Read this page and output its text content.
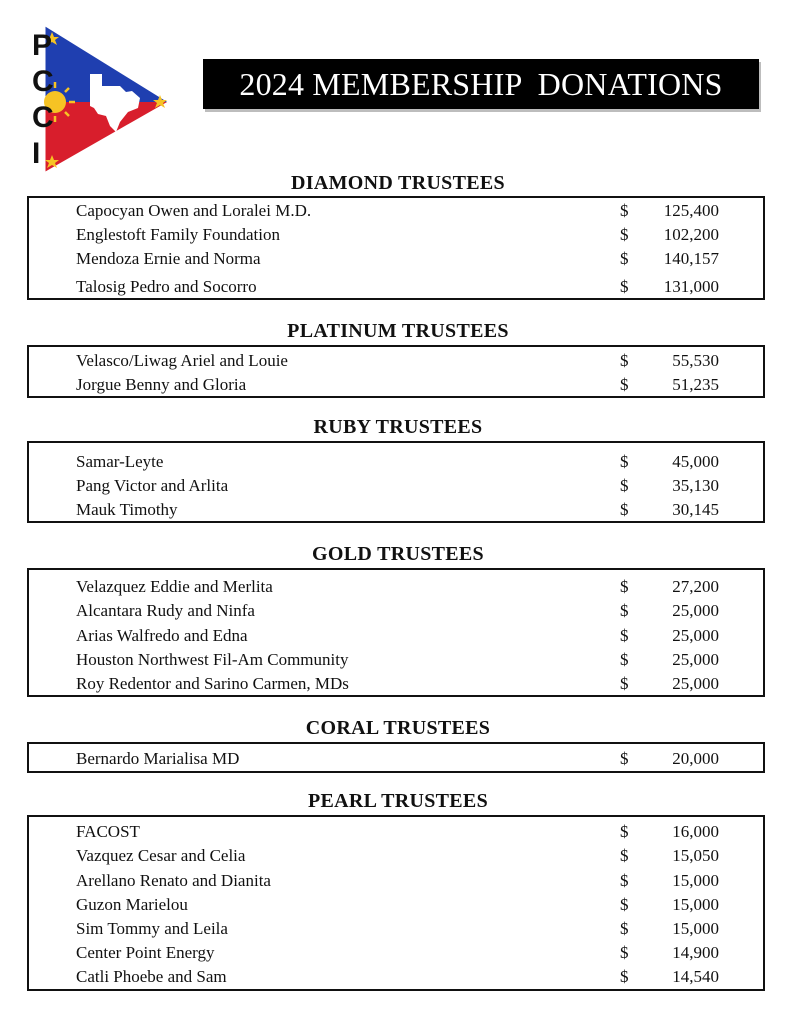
P
C
C
I
2024 MEMBERSHIP  DONATIONS
DIAMOND TRUSTEES
Capocyan Owen and Loralei M.D.	$ 125,400
Englestoft Family Foundation	$ 102,200
Mendoza Ernie and Norma	$ 140,157
Talosig Pedro and Socorro	$ 131,000
PLATINUM TRUSTEES
Velasco/Liwag Ariel and Louie	$	55,530
Jorgue Benny and Gloria	$	51,235
RUBY TRUSTEES
Samar-Leyte	$	45,000
Pang Victor and Arlita	$	35,130
Mauk Timothy	$	30,145
GOLD TRUSTEES
Velazquez Eddie and Merlita	$	27,200
Alcantara Rudy and Ninfa	$	25,000
Arias Walfredo and Edna	$	25,000
Houston Northwest Fil-Am Community	$	25,000
Roy Redentor and Sarino Carmen, MDs	$	25,000
CORAL TRUSTEES
Bernardo Marialisa MD	$	20,000
PEARL TRUSTEES
FACOST	$	16,000
Vazquez Cesar and Celia	$	15,050
Arellano Renato and Dianita	$	15,000
Guzon Marielou	$	15,000
Sim Tommy and Leila	$	15,000
Center Point Energy	$	14,900
Catli Phoebe and Sam	$	14,540
